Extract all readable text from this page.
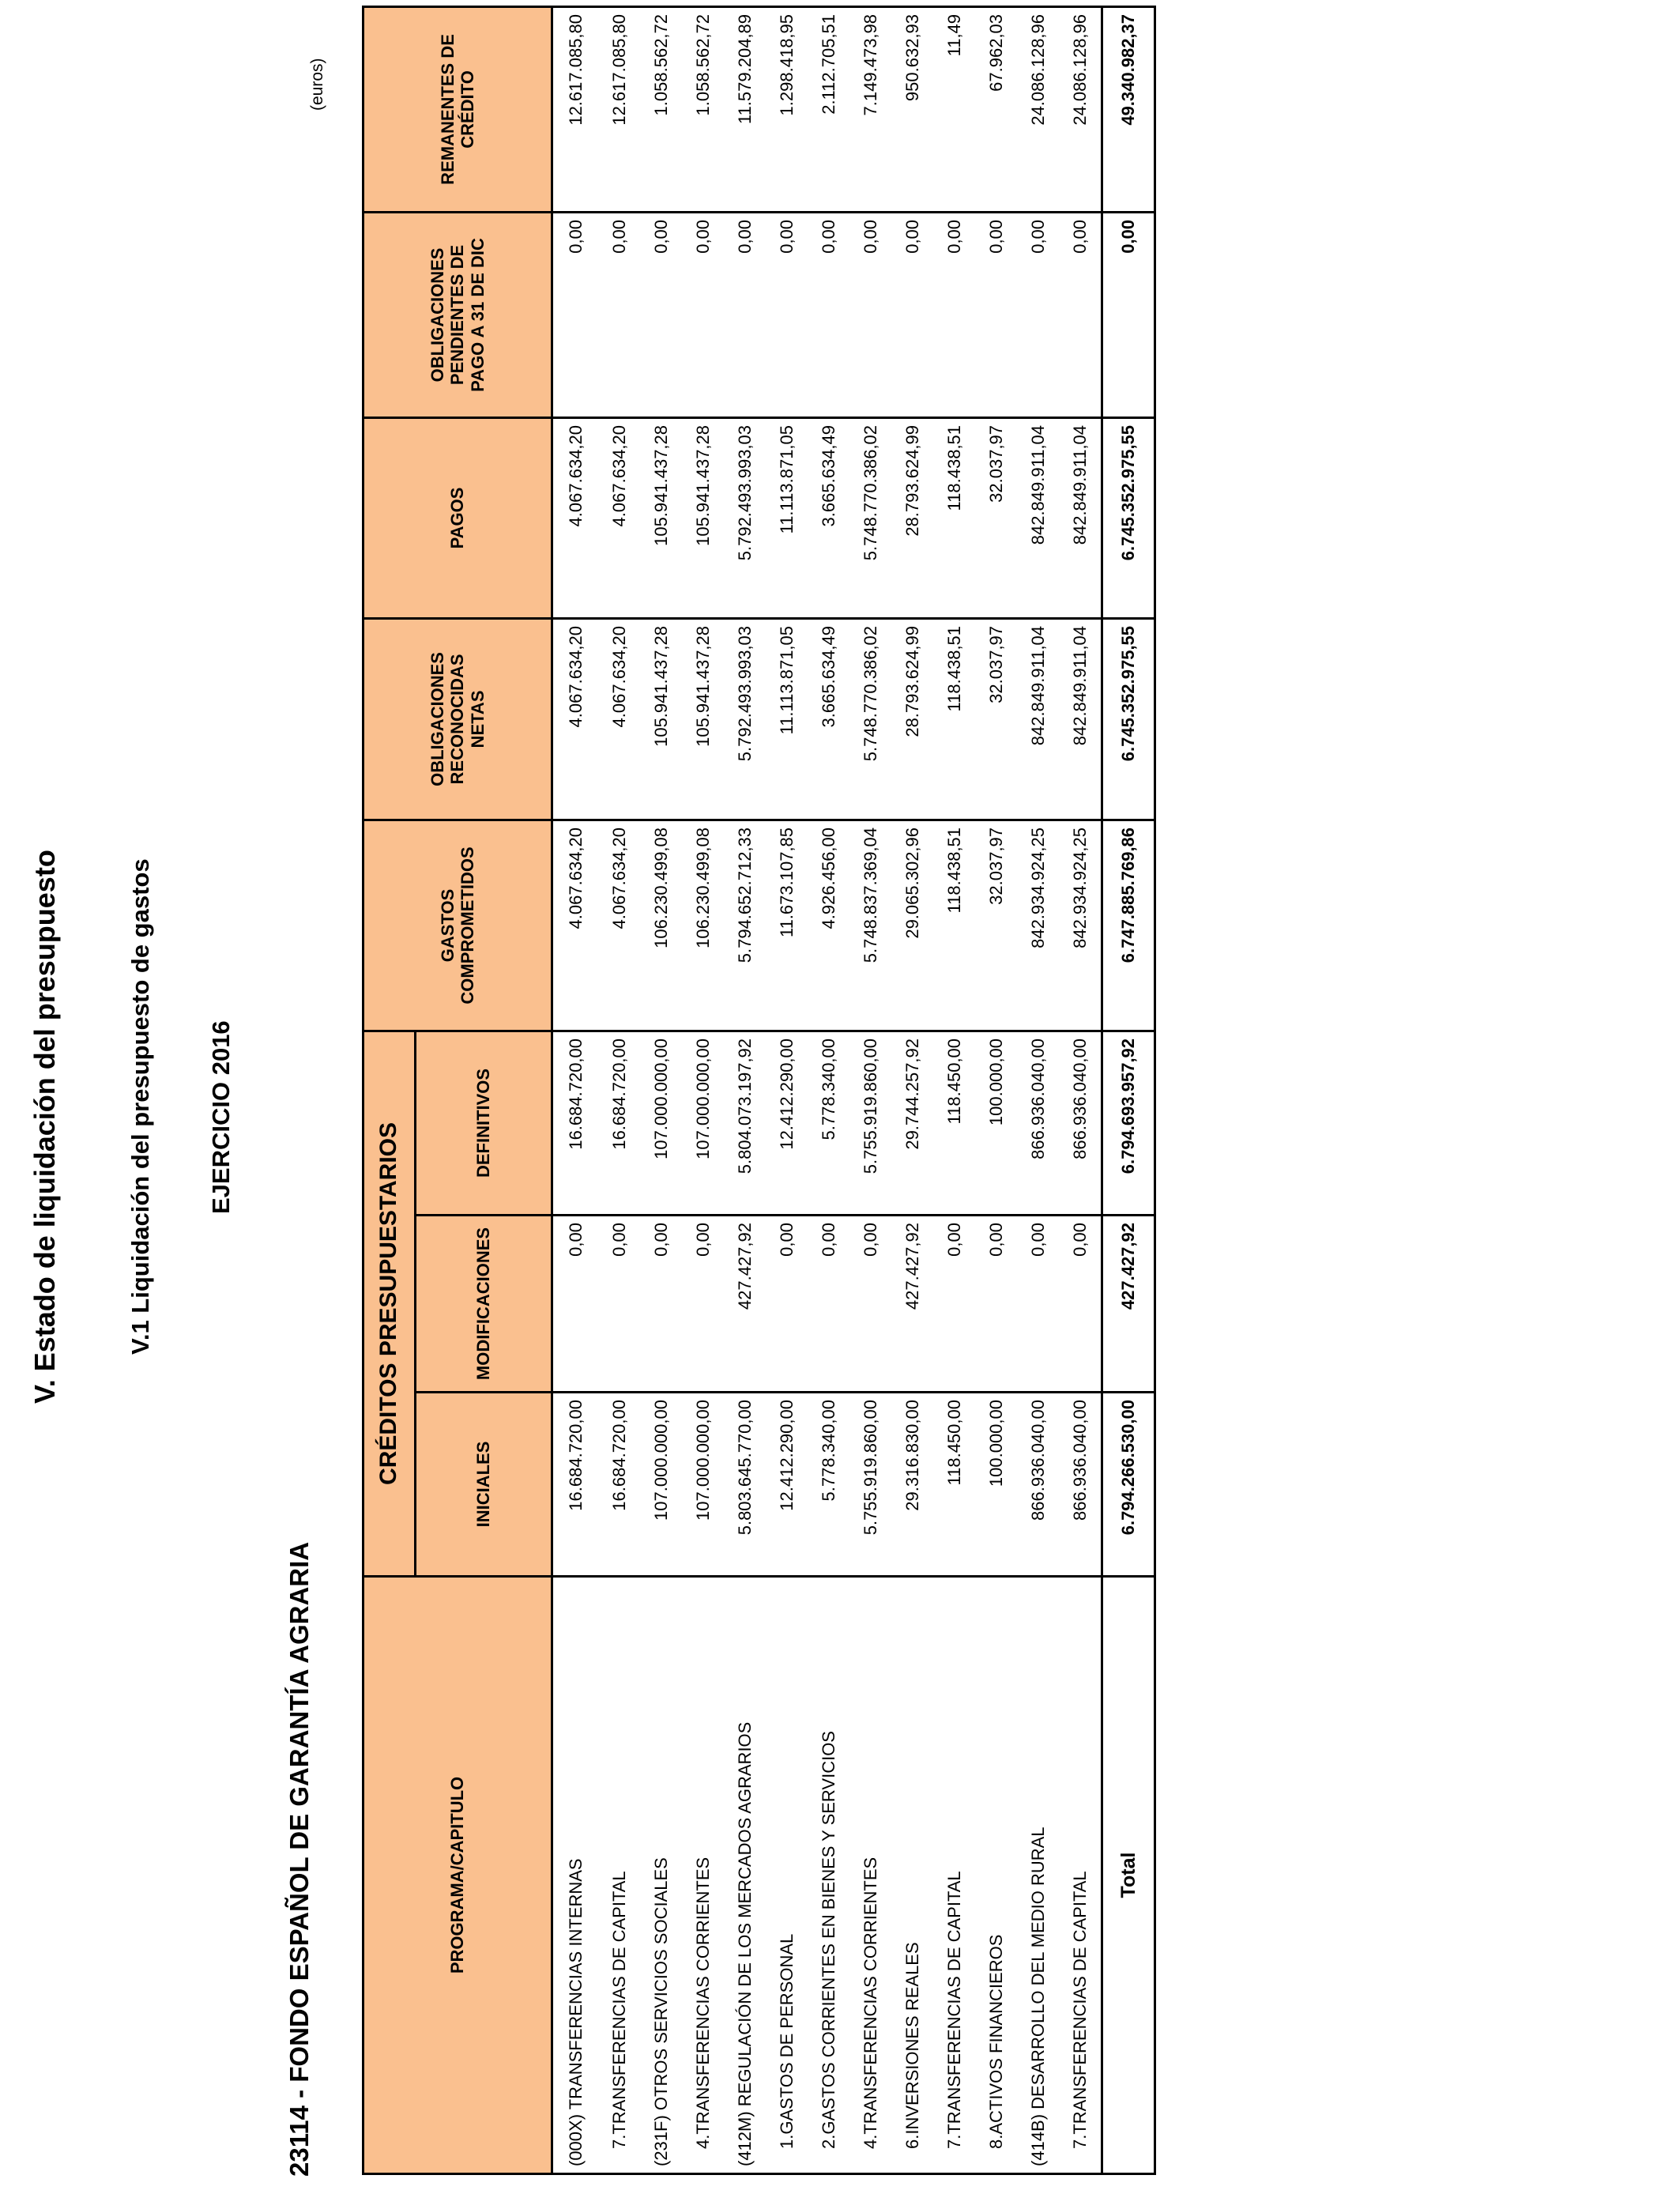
V. Estado de liquidación del presupuesto	V.1 Liquidación del presupuesto de gastos EJERCICIO 2016
23114 - FONDO ESPAÑOL DE GARANTÍA AGRARIA
(euros)
PROGRAMA/CAPITULO	CRÉDITOS PRESUPUESTARIOS			GASTOS COMPROMETIDOS	OBLIGACIONES RECONOCIDAS NETAS	PAGOS	OBLIGACIONES PENDIENTES DE PAGO A 31 DE DIC	REMANENTES DE CRÉDITO
	INICIALES	MODIFICACIONES	DEFINITIVOS					
(000X) TRANSFERENCIAS INTERNAS	16.684.720,00	0,00	16.684.720,00	4.067.634,20	4.067.634,20	4.067.634,20	0,00	12.617.085,80
7.TRANSFERENCIAS DE CAPITAL	16.684.720,00	0,00	16.684.720,00	4.067.634,20	4.067.634,20	4.067.634,20	0,00	12.617.085,80
(231F) OTROS SERVICIOS SOCIALES	107.000.000,00	0,00	107.000.000,00	106.230.499,08	105.941.437,28	105.941.437,28	0,00	1.058.562,72
4.TRANSFERENCIAS CORRIENTES	107.000.000,00	0,00	107.000.000,00	106.230.499,08	105.941.437,28	105.941.437,28	0,00	1.058.562,72
(412M) REGULACIÓN DE LOS MERCADOS AGRARIOS	5.803.645.770,00	427.427,92	5.804.073.197,92	5.794.652.712,33	5.792.493.993,03	5.792.493.993,03	0,00	11.579.204,89
1.GASTOS DE PERSONAL	12.412.290,00	0,00	12.412.290,00	11.673.107,85	11.113.871,05	11.113.871,05	0,00	1.298.418,95
2.GASTOS CORRIENTES EN BIENES Y SERVICIOS	5.778.340,00	0,00	5.778.340,00	4.926.456,00	3.665.634,49	3.665.634,49	0,00	2.112.705,51
4.TRANSFERENCIAS CORRIENTES	5.755.919.860,00	0,00	5.755.919.860,00	5.748.837.369,04	5.748.770.386,02	5.748.770.386,02	0,00	7.149.473,98
6.INVERSIONES REALES	29.316.830,00	427.427,92	29.744.257,92	29.065.302,96	28.793.624,99	28.793.624,99	0,00	950.632,93
7.TRANSFERENCIAS DE CAPITAL	118.450,00	0,00	118.450,00	118.438,51	118.438,51	118.438,51	0,00	11,49
8.ACTIVOS FINANCIEROS	100.000,00	0,00	100.000,00	32.037,97	32.037,97	32.037,97	0,00	67.962,03
(414B) DESARROLLO DEL MEDIO RURAL	866.936.040,00	0,00	866.936.040,00	842.934.924,25	842.849.911,04	842.849.911,04	0,00	24.086.128,96
7.TRANSFERENCIAS DE CAPITAL	866.936.040,00	0,00	866.936.040,00	842.934.924,25	842.849.911,04	842.849.911,04	0,00	24.086.128,96
Total	6.794.266.530,00	427.427,92	6.794.693.957,92	6.747.885.769,86	6.745.352.975,55	6.745.352.975,55	0,00	49.340.982,37
